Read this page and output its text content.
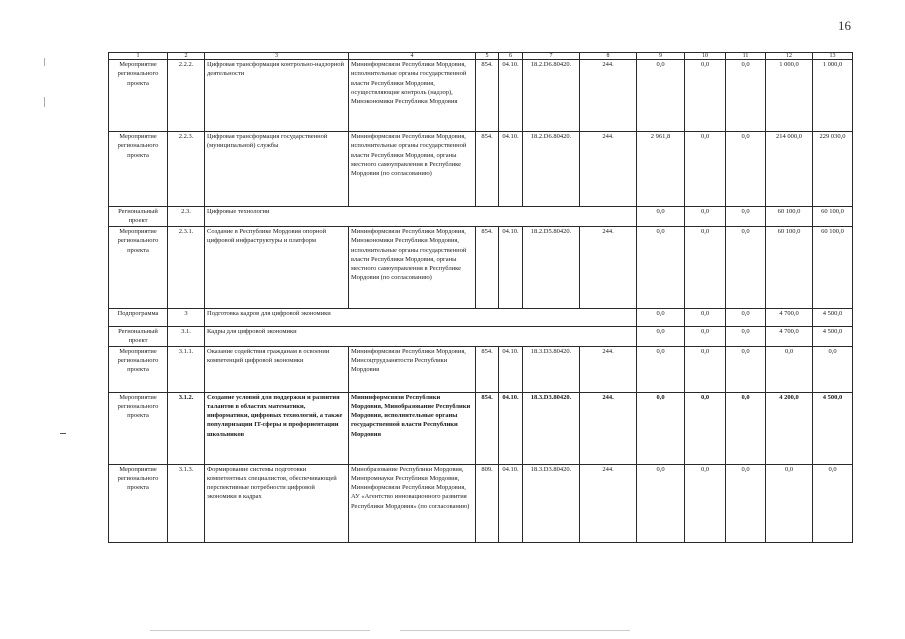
16
1	2	3	4	5	6	7	8	9	10	11	12	13
Мероприятие регионального проекта	2.2.2.	Цифровая трансформация контрольно-надзорной деятельности	Мининформсвязи Республики Мордовия, исполнительные органы государственной власти Республики Мордовия, осуществляющие контроль (надзор), Минэкономики Республики Мордовия	854.	04.10.	18.2.D6.80420.	244.	0,0	0,0	0,0	1 000,0	1 000,0
Мероприятие регионального проекта	2.2.3.	Цифровая трансформация государственной (муниципальной) службы	Мининформсвязи Республики Мордовия, исполнительные органы государственной власти Республики Мордовия, органы местного самоуправления в Республике Мордовия (по согласованию)	854.	04.10.	18.2.D6.80420.	244.	2 961,8	0,0	0,0	214 000,0	229 030,0
Региональный проект	2.3.	Цифровые технологии						0,0	0,0	0,0	60 100,0	60 100,0
Мероприятие регионального проекта	2.3.1.	Создание в Республике Мордовия опорной цифровой инфраструктуры и платформ	Мининформсвязи Республики Мордовия, Минэкономики Республики Мордовия, исполнительные органы государственной власти Республики Мордовия, органы местного самоуправления в Республике Мордовия (по согласованию)	854.	04.10.	18.2.D5.80420.	244.	0,0	0,0	0,0	60 100,0	60 100,0
Подпрограмма	3	Подготовка кадров для цифровой экономики						0,0	0,0	0,0	4 700,0	4 500,0
Региональный проект	3.1.	Кадры для цифровой экономики						0,0	0,0	0,0	4 700,0	4 500,0
Мероприятие регионального проекта	3.1.1.	Оказание содействия гражданам в освоении компетенций цифровой экономики	Мининформсвязи Республики Мордовия, Минсоцтрудзанятости Республики Мордовия	854.	04.10.	18.3.D3.80420.	244.	0,0	0,0	0,0	0,0	0,0
Мероприятие регионального проекта	3.1.2.	Создание условий для поддержки и развития талантов в областях математики, информатики, цифровых технологий, а также популяризации IT-сферы и профориентации школьников	Мининформсвязи Республики Мордовия, Минобразование Республики Мордовия, исполнительные органы государственной власти Республики Мордовия	854.	04.10.	18.3.D3.80420.	244.	0,0	0,0	0,0	4 200,0	4 500,0
Мероприятие регионального проекта	3.1.3.	Формирование системы подготовки компетентных специалистов, обеспечивающей перспективные потребности цифровой экономики в кадрах	Минобразование Республики Мордовия, Минпромнауки Республики Мордовия, Мининформсвязи Республики Мордовия, АУ «Агентство инновационного развития Республики Мордовия» (по согласованию)	809.	04.10.	18.3.D3.80420.	244.	0,0	0,0	0,0	0,0	0,0
